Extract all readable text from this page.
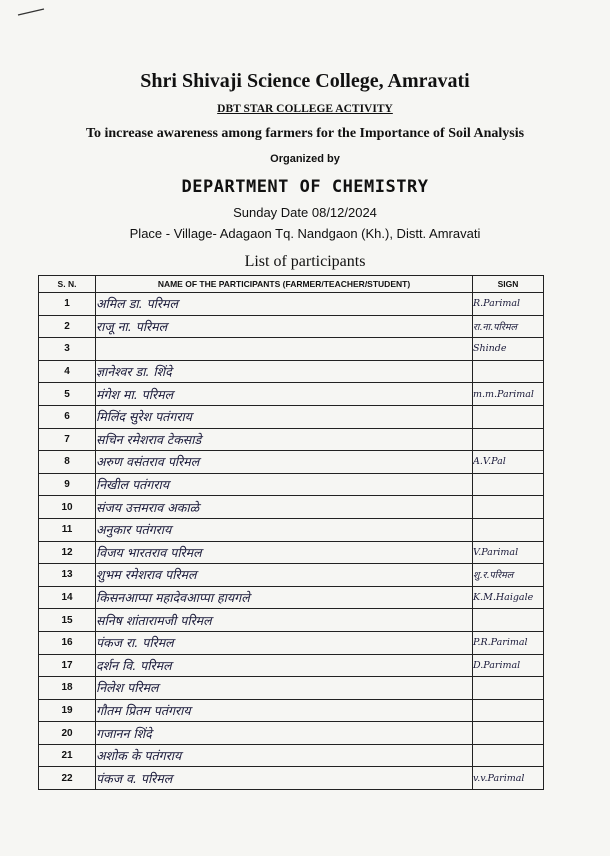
Shri Shivaji Science College, Amravati
DBT STAR COLLEGE ACTIVITY
To increase awareness among farmers for the Importance of Soil Analysis
Organized by
DEPARTMENT OF CHEMISTRY
Sunday Date 08/12/2024
Place - Village- Adagaon Tq. Nandgaon (Kh.), Distt. Amravati
List of participants
S. N.	NAME OF THE PARTICIPANTS (FARMER/TEACHER/STUDENT)	SIGN
1	अमिल डा. परिमल	R.Parimal
2	राजू ना. परिमल	रा.ना.परिमल
3		Shinde
4	ज्ञानेश्वर डा. शिंदे	
5	मंगेश मा. परिमल	m.m.Parimal
6	मिलिंद सुरेश पतंगराय	
7	सचिन रमेशराव टेकसाडे	
8	अरुण वसंतराव परिमल	A.V.Pal
9	निखील पतंगराय	
10	संजय उत्तमराव अकाळे	
11	अनुकार पतंगराय	
12	विजय भारतराव परिमल	V.Parimal
13	शुभम रमेशराव परिमल	शु.र.परिमल
14	किसनआप्पा महादेवआप्पा हायगले	K.M.Haigale
15	सनिष शांतारामजी परिमल	
16	पंकज रा. परिमल	P.R.Parimal
17	दर्शन वि. परिमल	D.Parimal
18	निलेश परिमल	
19	गौतम प्रितम पतंगराय	
20	गजानन शिंदे	
21	अशोक के पतंगराय	
22	पंकज व. परिमल	v.v.Parimal
